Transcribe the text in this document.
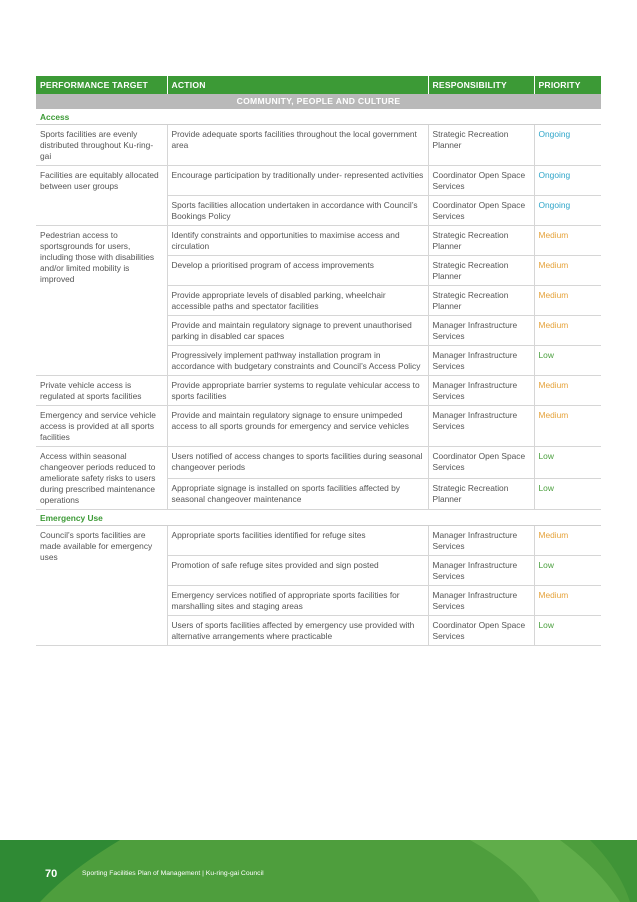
PERFORMANCE TARGET	ACTION	RESPONSIBILITY	PRIORITY
COMMUNITY, PEOPLE AND CULTURE			
Access			
Sports facilities are evenly distributed throughout Ku-ring-gai	Provide adequate sports facilities throughout the local government area	Strategic Recreation Planner	Ongoing
Facilities are equitably allocated between user groups	Encourage participation by traditionally under- represented activities	Coordinator Open Space Services	Ongoing
	Sports facilities allocation undertaken in accordance with Council’s Bookings Policy	Coordinator Open Space Services	Ongoing
Pedestrian access to sportsgrounds for users, including those with disabilities and/or limited mobility is improved	Identify constraints and opportunities to maximise access and circulation	Strategic Recreation Planner	Medium
	Develop a prioritised program of access improvements	Strategic Recreation Planner	Medium
	Provide appropriate levels of disabled parking, wheelchair accessible paths and spectator facilities	Strategic Recreation Planner	Medium
	Provide and maintain regulatory signage to prevent unauthorised parking in disabled car spaces	Manager Infrastructure Services	Medium
	Progressively implement pathway installation program in accordance with budgetary constraints and Council’s Access Policy	Manager Infrastructure Services	Low
Private vehicle access is regulated at sports facilities	Provide appropriate barrier systems to regulate vehicular access to sports facilities	Manager Infrastructure Services	Medium
Emergency and service vehicle access is provided at all sports facilities	Provide and maintain regulatory signage to ensure unimpeded access to all sports grounds for emergency and service vehicles	Manager Infrastructure Services	Medium
Access within seasonal changeover periods reduced to ameliorate safety risks to users during prescribed maintenance operations	Users notified of access changes to sports facilities during seasonal changeover periods	Coordinator Open Space Services	Low
	Appropriate signage is installed on sports facilities affected by seasonal changeover maintenance	Strategic Recreation Planner	Low
Emergency Use			
Council’s sports facilities are made available for emergency uses	Appropriate sports facilities identified for refuge sites	Manager Infrastructure Services	Medium
	Promotion of safe refuge sites provided and sign posted	Manager Infrastructure Services	Low
	Emergency services notified of appropriate sports facilities for marshalling sites and staging areas	Manager Infrastructure Services	Medium
	Users of sports facilities affected by emergency use provided with alternative arrangements where practicable	Coordinator Open Space Services	Low
70	Sporting Facilities Plan of Management | Ku-ring-gai Council
